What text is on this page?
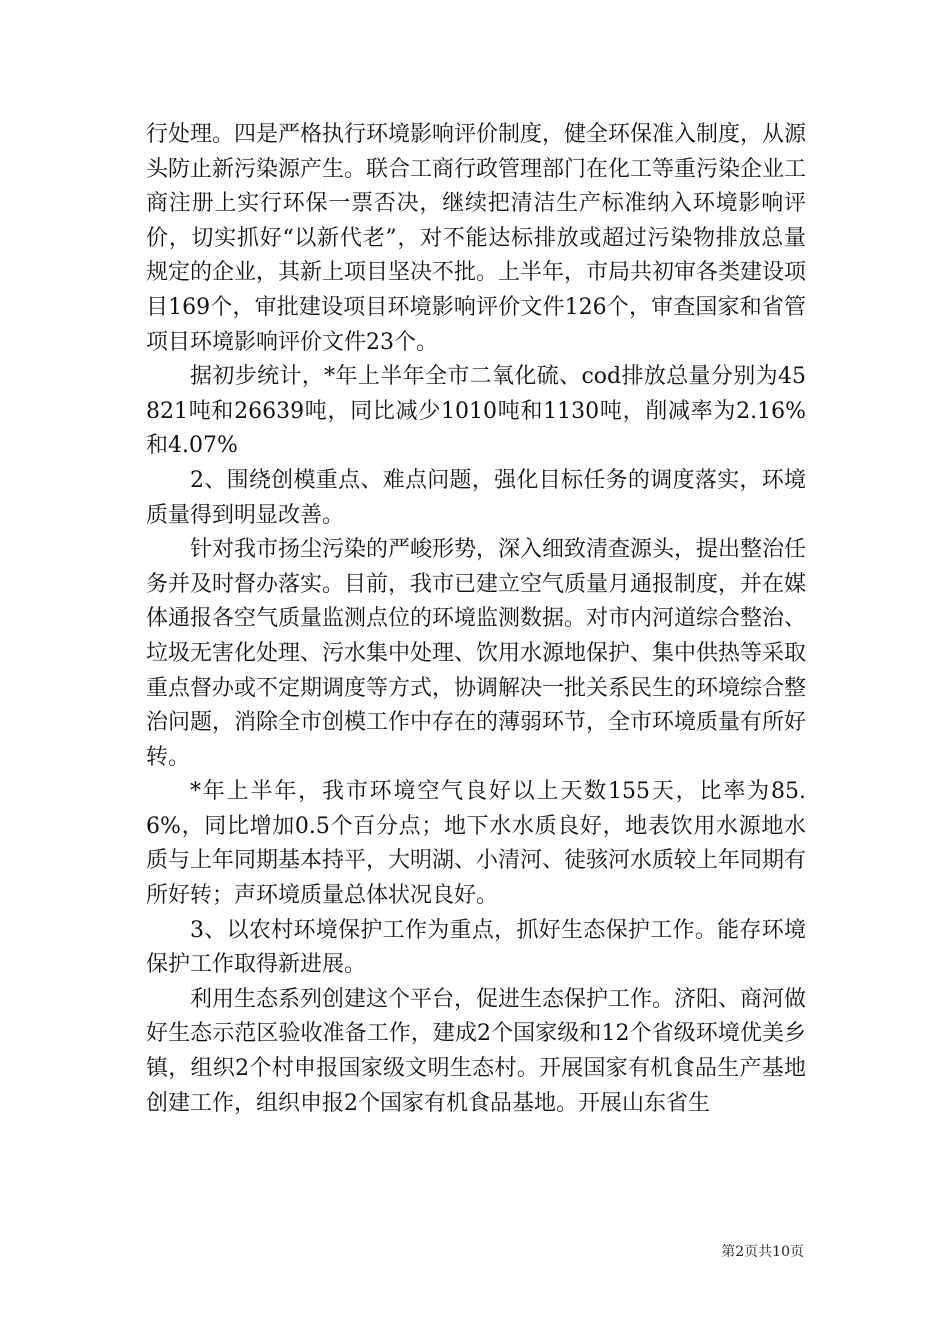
行处理。四是严格执行环境影响评价制度，健全环保准入制度，从源头防止新污染源产生。联合工商行政管理部门在化工等重污染企业工商注册上实行环保一票否决，继续把清洁生产标准纳入环境影响评价，切实抓好“以新代老”，对不能达标排放或超过污染物排放总量规定的企业，其新上项目坚决不批。上半年，市局共初审各类建设项目169个，审批建设项目环境影响评价文件126个，审查国家和省管项目环境影响评价文件23个。

据初步统计，*年上半年全市二氧化硫、cod排放总量分别为45821吨和26639吨，同比减少1010吨和1130吨，削减率为2.16%和4.07%

2、围绕创模重点、难点问题，强化目标任务的调度落实，环境质量得到明显改善。

针对我市扬尘污染的严峻形势，深入细致清查源头，提出整治任务并及时督办落实。目前，我市已建立空气质量月通报制度，并在媒体通报各空气质量监测点位的环境监测数据。对市内河道综合整治、垃圾无害化处理、污水集中处理、饮用水源地保护、集中供热等采取重点督办或不定期调度等方式，协调解决一批关系民生的环境综合整治问题，消除全市创模工作中存在的薄弱环节，全市环境质量有所好转。

*年上半年，我市环境空气良好以上天数155天，比率为85.6%，同比增加0.5个百分点；地下水水质良好，地表饮用水源地水质与上年同期基本持平，大明湖、小清河、徒骇河水质较上年同期有所好转；声环境质量总体状况良好。

3、以农村环境保护工作为重点，抓好生态保护工作。能存环境保护工作取得新进展。

利用生态系列创建这个平台，促进生态保护工作。济阳、商河做好生态示范区验收准备工作，建成2个国家级和12个省级环境优美乡镇，组织2个村申报国家级文明生态村。开展国家有机食品生产基地创建工作，组织申报2个国家有机食品基地。开展山东省生

第2页共10页
